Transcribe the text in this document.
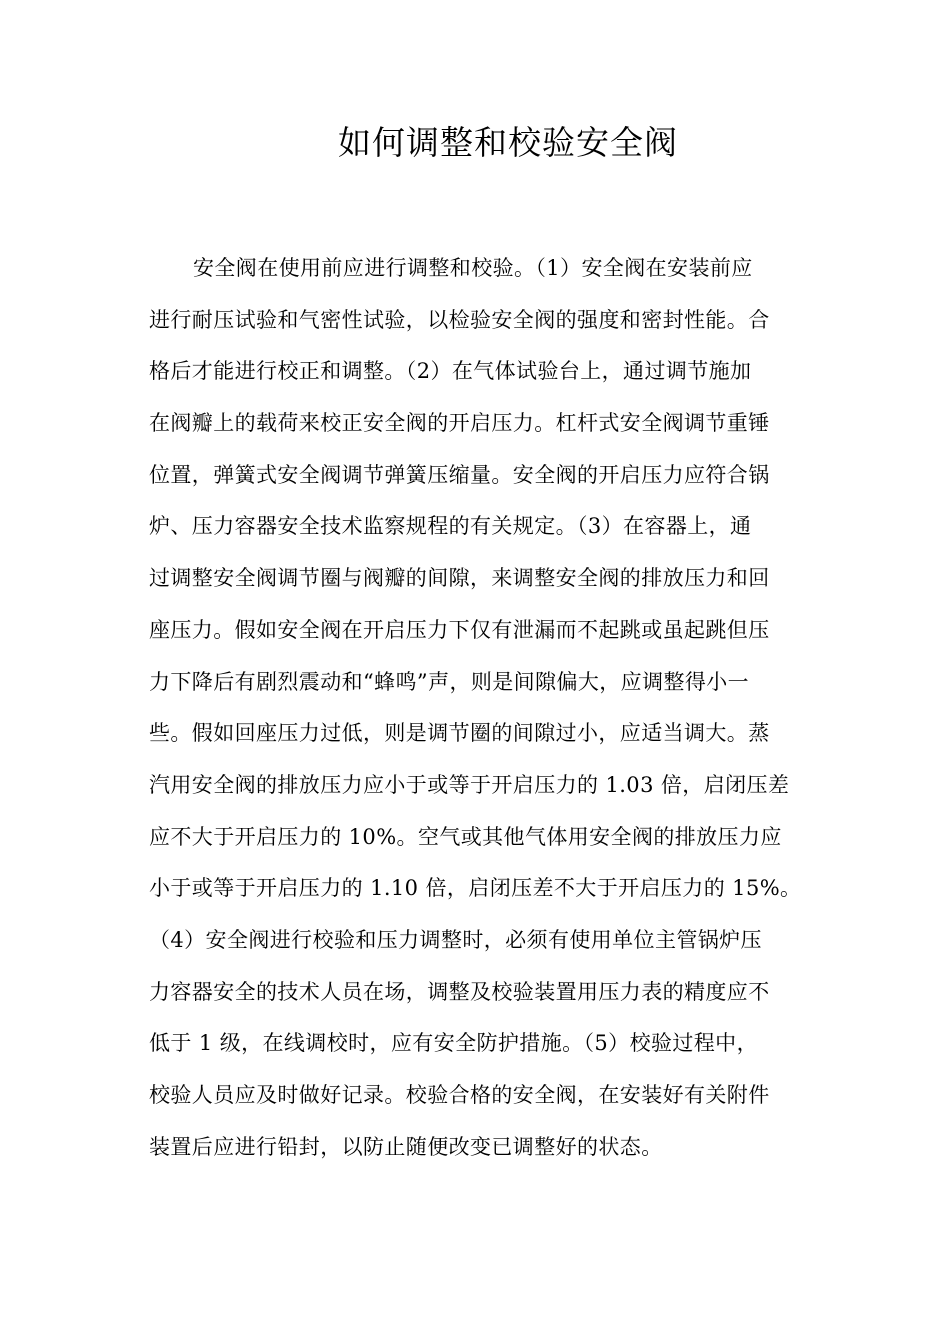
如何调整和校验安全阀
安全阀在使用前应进行调整和校验。（1）安全阀在安装前应
进行耐压试验和气密性试验，以检验安全阀的强度和密封性能。合
格后才能进行校正和调整。（2）在气体试验台上，通过调节施加
在阀瓣上的载荷来校正安全阀的开启压力。杠杆式安全阀调节重锤
位置，弹簧式安全阀调节弹簧压缩量。安全阀的开启压力应符合锅
炉、压力容器安全技术监察规程的有关规定。（3）在容器上，通
过调整安全阀调节圈与阀瓣的间隙，来调整安全阀的排放压力和回
座压力。假如安全阀在开启压力下仅有泄漏而不起跳或虽起跳但压
力下降后有剧烈震动和“蜂鸣”声，则是间隙偏大，应调整得小一
些。假如回座压力过低，则是调节圈的间隙过小，应适当调大。蒸
汽用安全阀的排放压力应小于或等于开启压力的 1.03 倍，启闭压差
应不大于开启压力的 10%。空气或其他气体用安全阀的排放压力应
小于或等于开启压力的 1.10 倍，启闭压差不大于开启压力的 15%。
（4）安全阀进行校验和压力调整时，必须有使用单位主管锅炉压
力容器安全的技术人员在场，调整及校验装置用压力表的精度应不
低于 1 级，在线调校时，应有安全防护措施。（5）校验过程中，
校验人员应及时做好记录。校验合格的安全阀，在安装好有关附件
装置后应进行铅封，以防止随便改变已调整好的状态。
